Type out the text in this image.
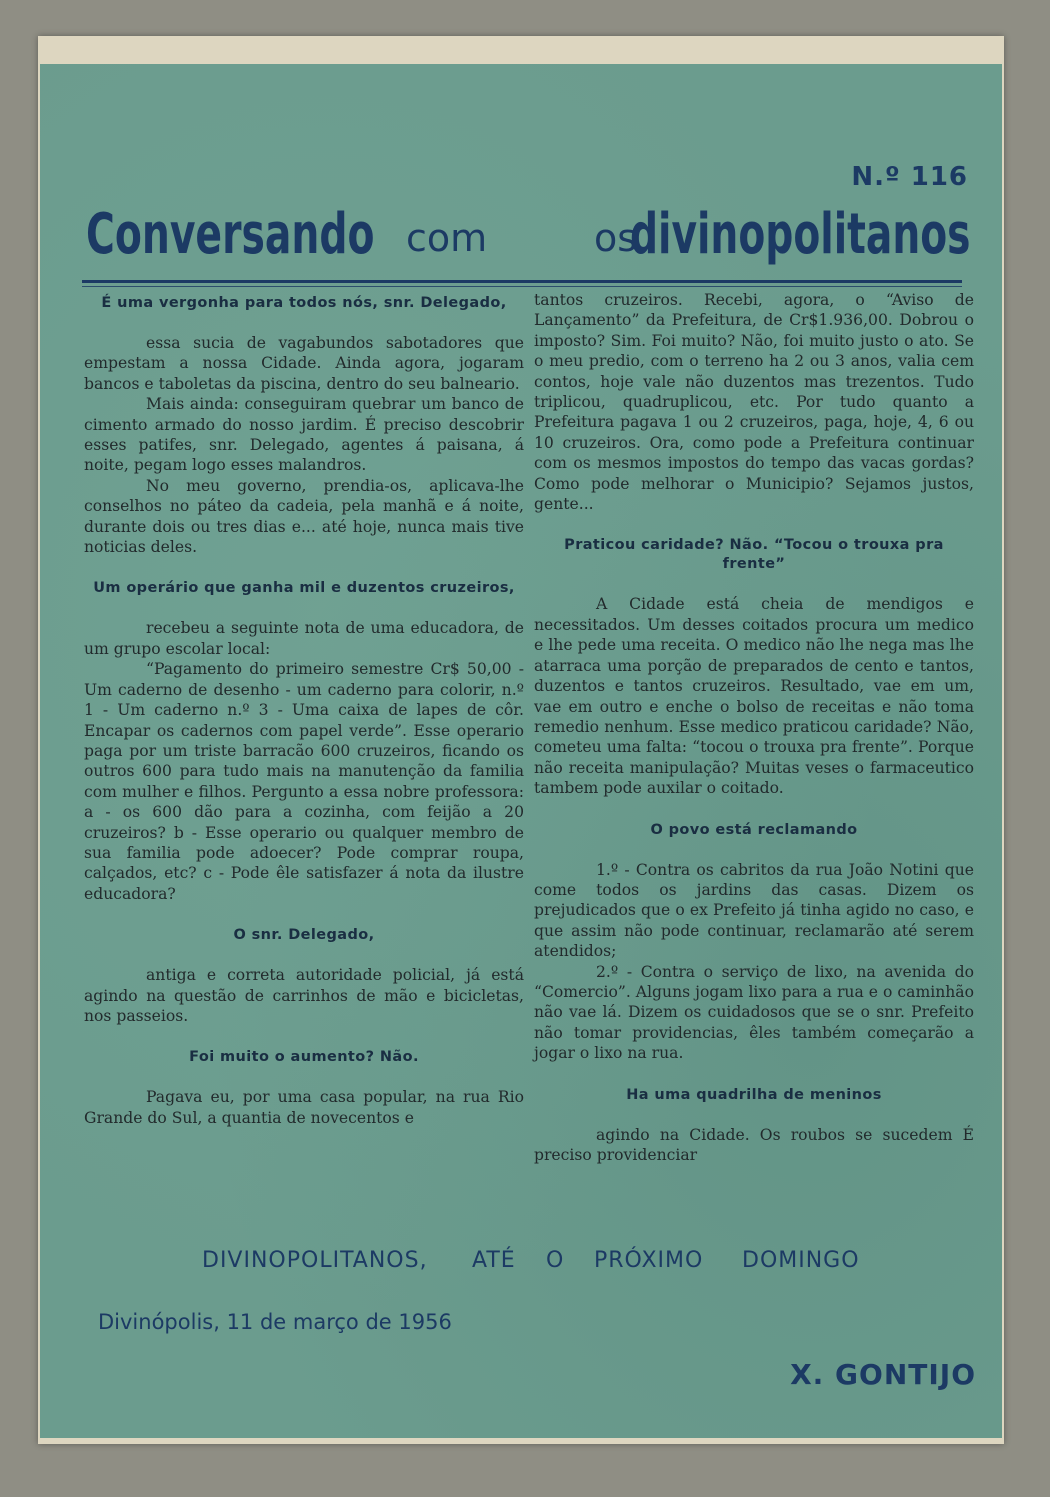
N.º 116
Conversando com	os
divinopolitanos
É uma vergonha para todos nós, snr. Delegado,

essa sucia de vagabundos sabotadores que empestam a nossa Cidade. Ainda agora, jogaram bancos e taboletas da piscina, dentro do seu balneario.

Mais ainda: conseguiram quebrar um banco de cimento armado do nosso jardim. É preciso descobrir esses patifes, snr. Delegado, agentes á paisana, á noite, pegam logo esses malandros.

No meu governo, prendia-os, aplicava-lhe conselhos no páteo da cadeia, pela manhã e á noite, durante dois ou tres dias e... até hoje, nunca mais tive noticias deles.

Um operário que ganha mil e duzentos cruzeiros,

recebeu a seguinte nota de uma educadora, de um grupo escolar local:

“Pagamento do primeiro semestre Cr$ 50,00 - Um caderno de desenho - um caderno para colorir, n.º 1 - Um caderno n.º 3 - Uma caixa de lapes de côr. Encapar os cadernos com papel verde”. Esse operario paga por um triste barracão 600 cruzeiros, ficando os outros 600 para tudo mais na manutenção da familia com mulher e filhos. Pergunto a essa nobre professora: a - os 600 dão para a cozinha, com feijão a 20 cruzeiros? b - Esse operario ou qualquer membro de sua familia pode adoecer? Pode comprar roupa, calçados, etc? c - Pode êle satisfazer á nota da ilustre educadora?

O snr. Delegado,

antiga e correta autoridade policial, já está agindo na questão de carrinhos de mão e bicicletas, nos passeios.

Foi muito o aumento? Não.

Pagava eu, por uma casa popular, na rua Rio Grande do Sul, a quantia de novecentos e

tantos cruzeiros. Recebi, agora, o “Aviso de Lançamento” da Prefeitura, de Cr$1.936,00. Dobrou o imposto? Sim. Foi muito? Não, foi muito justo o ato. Se o meu predio, com o terreno ha 2 ou 3 anos, valia cem contos, hoje vale não duzentos mas trezentos. Tudo triplicou, quadruplicou, etc. Por tudo quanto a Prefeitura pagava 1 ou 2 cruzeiros, paga, hoje, 4, 6 ou 10 cruzeiros. Ora, como pode a Prefeitura continuar com os mesmos impostos do tempo das vacas gordas? Como pode melhorar o Municipio? Sejamos justos, gente...

Praticou caridade? Não. “Tocou o trouxa pra frente”

A Cidade está cheia de mendigos e necessitados. Um desses coitados procura um medico e lhe pede uma receita. O medico não lhe nega mas lhe atarraca uma porção de preparados de cento e tantos, duzentos e tantos cruzeiros. Resultado, vae em um, vae em outro e enche o bolso de receitas e não toma remedio nenhum. Esse medico praticou caridade? Não, cometeu uma falta: “tocou o trouxa pra frente”. Porque não receita manipulação? Muitas veses o farmaceutico tambem pode auxilar o coitado.

O povo está reclamando

1.º - Contra os cabritos da rua João Notini que come todos os jardins das casas. Dizem os prejudicados que o ex Prefeito já tinha agido no caso, e que assim não pode continuar, reclamarão até serem atendidos;

2.º - Contra o serviço de lixo, na avenida do “Comercio”. Alguns jogam lixo para a rua e o caminhão não vae lá. Dizem os cuidadosos que se o snr. Prefeito não tomar providencias, êles também começarão a jogar o lixo na rua.

Ha uma quadrilha de meninos

agindo na Cidade. Os roubos se sucedem É preciso providenciar

DIVINOPOLITANOS, ATÉ O PRÓXIMO DOMINGO
Divinópolis, 11 de março de 1956
X. GONTIJO
